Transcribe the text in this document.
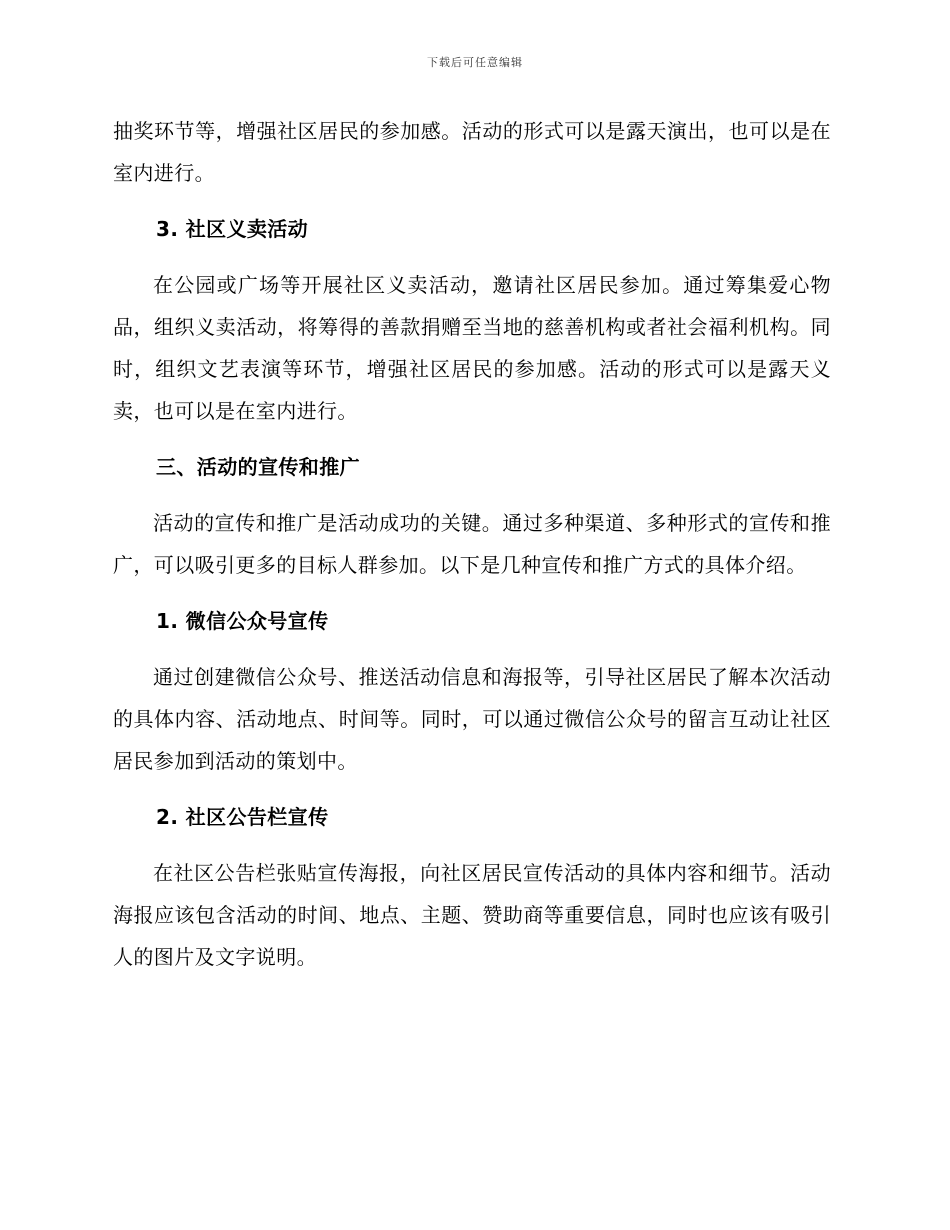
下载后可任意编辑

抽奖环节等，增强社区居民的参加感。活动的形式可以是露天演出，也可以是在室内进行。

3. 社区义卖活动

在公园或广场等开展社区义卖活动，邀请社区居民参加。通过筹集爱心物品，组织义卖活动，将筹得的善款捐赠至当地的慈善机构或者社会福利机构。同时，组织文艺表演等环节，增强社区居民的参加感。活动的形式可以是露天义卖，也可以是在室内进行。

三、活动的宣传和推广

活动的宣传和推广是活动成功的关键。通过多种渠道、多种形式的宣传和推广，可以吸引更多的目标人群参加。以下是几种宣传和推广方式的具体介绍。

1. 微信公众号宣传

通过创建微信公众号、推送活动信息和海报等，引导社区居民了解本次活动的具体内容、活动地点、时间等。同时，可以通过微信公众号的留言互动让社区居民参加到活动的策划中。

2. 社区公告栏宣传

在社区公告栏张贴宣传海报，向社区居民宣传活动的具体内容和细节。活动海报应该包含活动的时间、地点、主题、赞助商等重要信息，同时也应该有吸引人的图片及文字说明。
